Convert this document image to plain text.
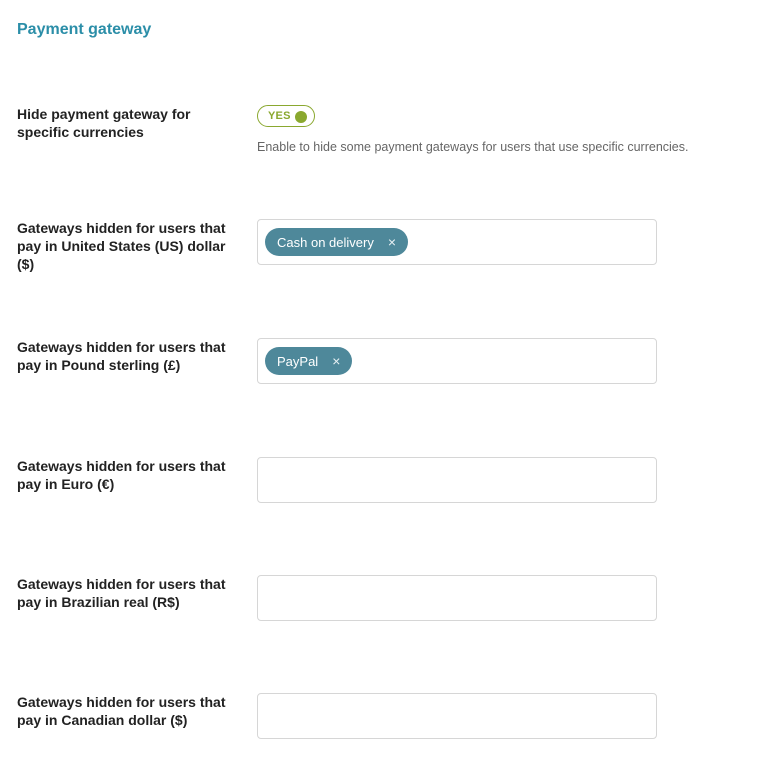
Payment gateway
Hide payment gateway for specific currencies
YES
Enable to hide some payment gateways for users that use specific currencies.
Gateways hidden for users that pay in United States (US) dollar ($)
Cash on delivery ×
Gateways hidden for users that pay in Pound sterling (£)	PayPal ×
Gateways hidden for users that pay in Euro (€)
Gateways hidden for users that pay in Brazilian real (R$)
Gateways hidden for users that pay in Canadian dollar ($)
